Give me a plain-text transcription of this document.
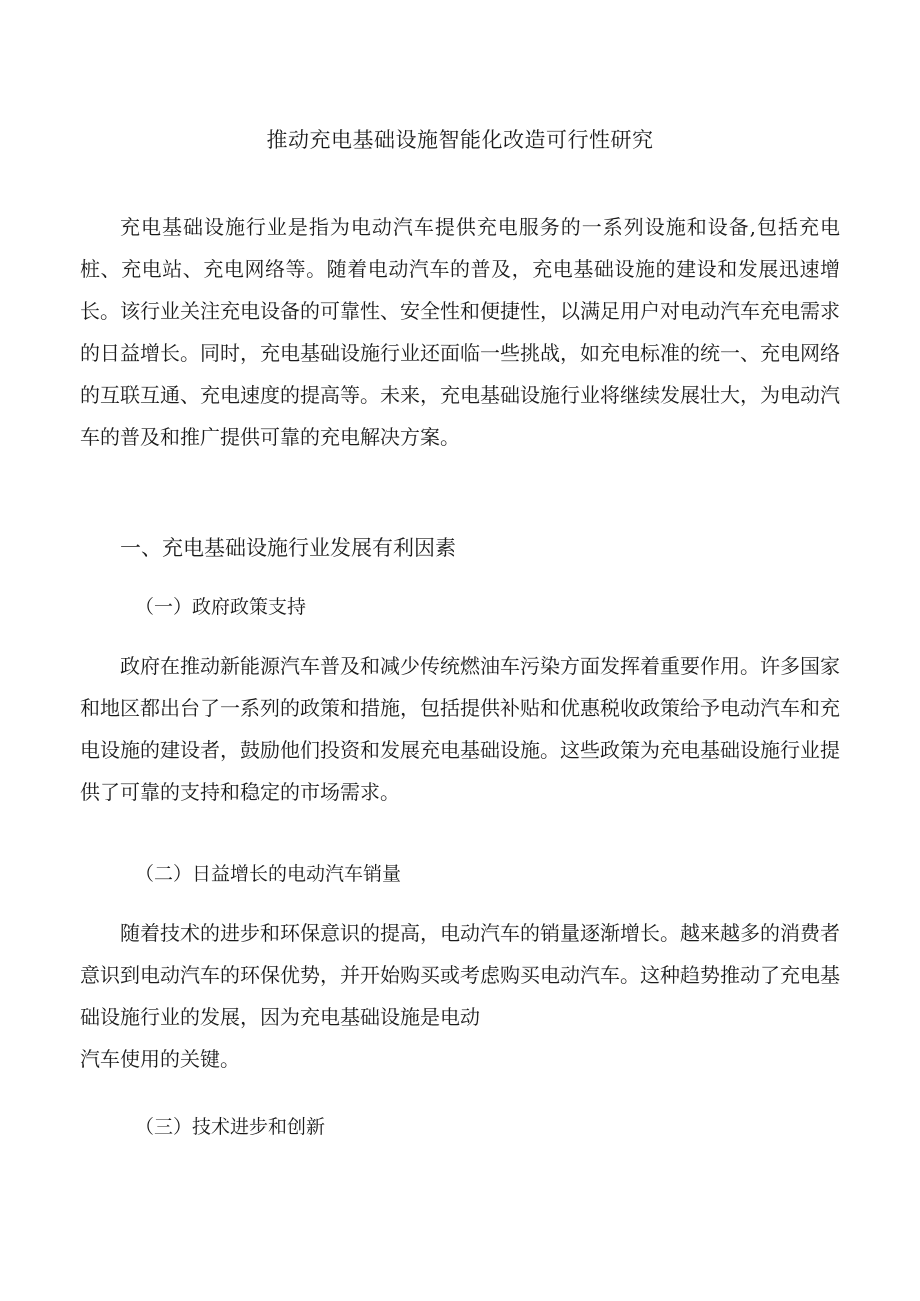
推动充电基础设施智能化改造可行性研究

充电基础设施行业是指为电动汽车提供充电服务的一系列设施和设备,包括充电桩、充电站、充电网络等。随着电动汽车的普及，充电基础设施的建设和发展迅速增长。该行业关注充电设备的可靠性、安全性和便捷性，以满足用户对电动汽车充电需求的日益增长。同时，充电基础设施行业还面临一些挑战，如充电标准的统一、充电网络的互联互通、充电速度的提高等。未来，充电基础设施行业将继续发展壮大，为电动汽车的普及和推广提供可靠的充电解决方案。

一、充电基础设施行业发展有利因素
（一）政府政策支持

政府在推动新能源汽车普及和减少传统燃油车污染方面发挥着重要作用。许多国家和地区都出台了一系列的政策和措施，包括提供补贴和优惠税收政策给予电动汽车和充电设施的建设者，鼓励他们投资和发展充电基础设施。这些政策为充电基础设施行业提供了可靠的支持和稳定的市场需求。

（二）日益增长的电动汽车销量

随着技术的进步和环保意识的提高，电动汽车的销量逐渐增长。越来越多的消费者意识到电动汽车的环保优势，并开始购买或考虑购买电动汽车。这种趋势推动了充电基础设施行业的发展，因为充电基础设施是电动
汽车使用的关键。

（三）技术进步和创新
